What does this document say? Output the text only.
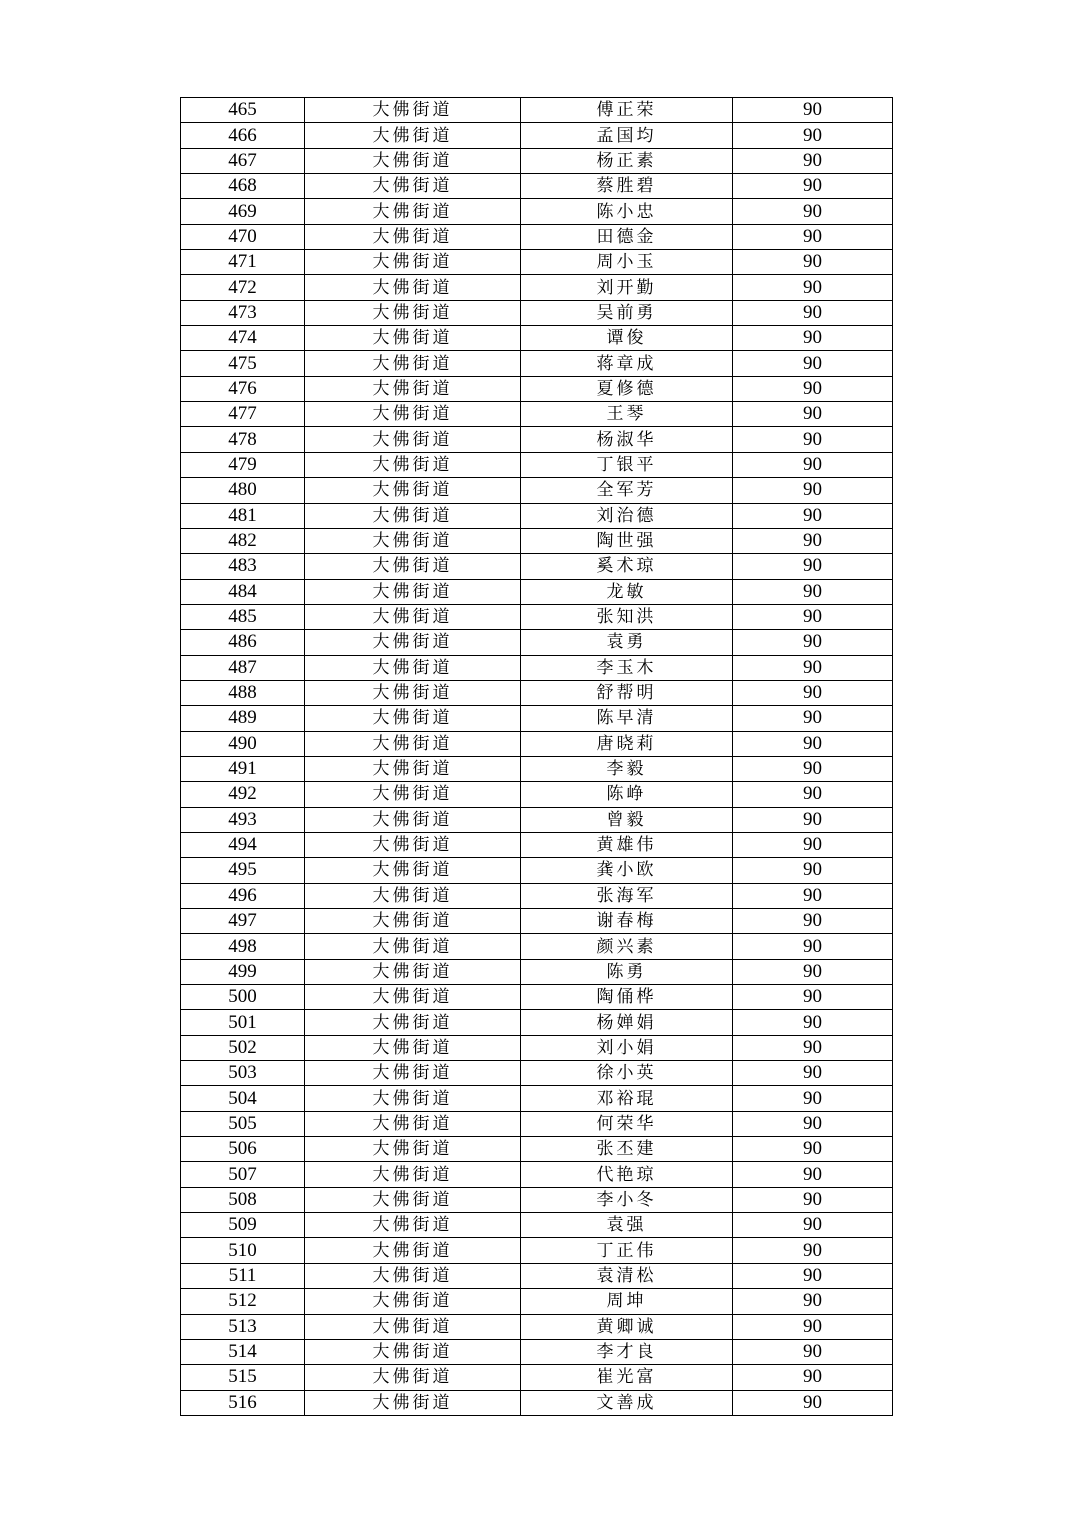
465	大佛街道	傅正荣	90
466	大佛街道	孟国均	90
467	大佛街道	杨正素	90
468	大佛街道	蔡胜碧	90
469	大佛街道	陈小忠	90
470	大佛街道	田德金	90
471	大佛街道	周小玉	90
472	大佛街道	刘开勤	90
473	大佛街道	吴前勇	90
474	大佛街道	谭俊	90
475	大佛街道	蒋章成	90
476	大佛街道	夏修德	90
477	大佛街道	王琴	90
478	大佛街道	杨淑华	90
479	大佛街道	丁银平	90
480	大佛街道	全军芳	90
481	大佛街道	刘治德	90
482	大佛街道	陶世强	90
483	大佛街道	奚术琼	90
484	大佛街道	龙敏	90
485	大佛街道	张知洪	90
486	大佛街道	袁勇	90
487	大佛街道	李玉木	90
488	大佛街道	舒帮明	90
489	大佛街道	陈早清	90
490	大佛街道	唐晓莉	90
491	大佛街道	李毅	90
492	大佛街道	陈峥	90
493	大佛街道	曾毅	90
494	大佛街道	黄雄伟	90
495	大佛街道	龚小欧	90
496	大佛街道	张海军	90
497	大佛街道	谢春梅	90
498	大佛街道	颜兴素	90
499	大佛街道	陈勇	90
500	大佛街道	陶俑桦	90
501	大佛街道	杨婵娟	90
502	大佛街道	刘小娟	90
503	大佛街道	徐小英	90
504	大佛街道	邓裕琨	90
505	大佛街道	何荣华	90
506	大佛街道	张丕建	90
507	大佛街道	代艳琼	90
508	大佛街道	李小冬	90
509	大佛街道	袁强	90
510	大佛街道	丁正伟	90
511	大佛街道	袁清松	90
512	大佛街道	周坤	90
513	大佛街道	黄卿诚	90
514	大佛街道	李才良	90
515	大佛街道	崔光富	90
516	大佛街道	文善成	90
